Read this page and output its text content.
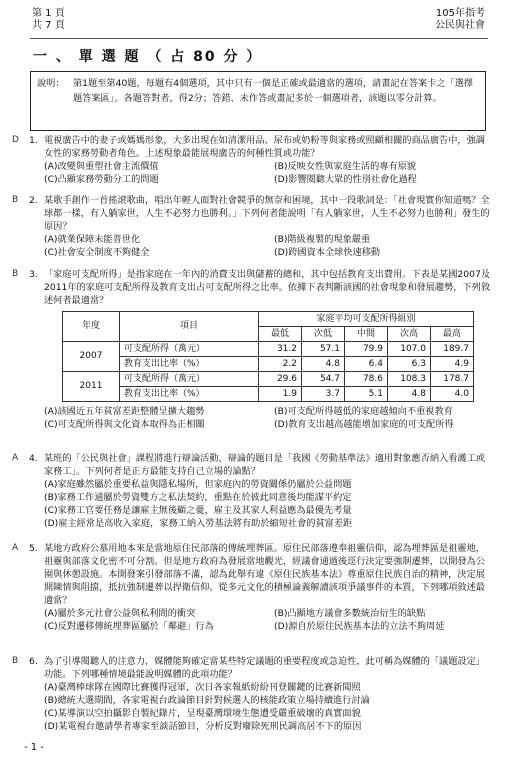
第 1 頁
共 7 頁
105年指考
公民與社會
一 、 單 選 題 （ 占 80 分 ）
說明： 第1題至第40題，每題有4個選項，其中只有一個是正確或最適當的選項，請畫記在答案卡之「選擇題答案區」。各題答對者，得2分；答錯、未作答或畫記多於一個選項者，該題以零分計算。
D 1. 電視廣告中的妻子或媽媽形象，大多出現在如清潔用品、尿布或奶粉等與家務或照顧相關的商品廣告中，強調女性的家務勞動者角色。上述現象最能展現廣告的何種性質或功能？
(A)改變與重塑社會主流價值	(B)反映女性與家庭生活的專有原貌
(C)凸顯家務勞動分工的問題	(D)影響閱聽大眾的性別社會化過程
B 2. 某歌手創作一首搖滾歌曲，唱出年輕人面對社會競爭的無奈和困境，其中一段歌詞是：「社會現實你知道嗎？全球都一樣，有人躺家世，人生不必努力也勝利。」下列何者能說明「有人躺家世，人生不必努力也勝利」發生的原因？
(A)就業保障未能普世化	(B)階級複製的現象嚴重
(C)社會安全制度不夠健全	(D)跨國資本全球快速移動
B 3. 「家庭可支配所得」是指家庭在一年內的消費支出與儲蓄的總和，其中包括教育支出費用。下表是某國2007及2011年的家庭可支配所得及教育支出占可支配所得之比率。依據下表判斷該國的社會現象和發展趨勢，下列敘述何者最適當？
年度	項目	家庭平均可支配所得組別				
		最低	次低	中間	次高	最高
2007	可支配所得（萬元）	31.2	57.1	79.9	107.0	189.7
	教育支出比率（%）	2.2	4.8	6.4	6.3	4.9
2011	可支配所得（萬元）	29.6	54.7	78.6	108.3	178.7
	教育支出比率（%）	1.9	3.7	5.1	4.8	4.0
(A)該國近五年貧富差距整體呈擴大趨勢	(B)可支配所得越低的家庭越傾向不重視教育
(C)可支配所得與文化資本取得為正相關	(D)教育支出越高越能增加家庭的可支配所得
A 4. 某班的「公民與社會」課程將進行辯論活動，辯論的題目是「我國《勞動基準法》適用對象應否納入看護工或家務工」。下列何者是正方最能支持自己立場的論點？
(A)家庭雖然屬於重要私益與隱私場所，但家庭內的勞資關係仍屬於公益問題
(B)家務工作通屬於勞資雙方之私法契約，重點在於彼此同意後均能謀平約定
(C)家務工官要任務是讓雇主無後顧之憂，雇主及其家人利益應為最優先考量
(D)雇主經常是高收入家庭，家務工納入勞基法將有助於縮短社會的貧富差距
A 5. 某地方政府公墓用地本來是當地原住民部落的傳統埋葬區。原住民部落遵奉祖靈信仰，認為埋葬區是祖靈地，祖靈與部落文化密不可分割。但是地方政府為發展當地觀光，經議會通過後逕行決定要強制遷葬，以開發為公園與休憩設施。本開發案引發部落不滿，認為此舉有違《原住民族基本法》尊重原住民族自治的精神，決定展開陳情與阻擋，抵抗強制遷葬以捍衛信仰。從多元文化的積極論義解讀該項爭議事件的本質，下列哪項敘述最適當？
(A)屬於多元社會公益與私利間的衝突	(B)凸顯地方議會多數統治衍生的缺點
(C)反對遷移傳統埋葬區屬於「鄰避」行為	(D)源自於原住民族基本法的立法不夠周延
B 6. 為了引導閱聽人的注意力，媒體能夠確定當某些特定議題的重要程度或急迫性，此可稱為媒體的「議題設定」功能。下列哪種情境最能說明媒體的此項功能？
(A)臺灣棒球隊在國際比賽獲得冠軍，次日各家報紙紛紛刊登關鍵的比賽新聞照
(B)總統大選期間，各家電視台政論節目針對候選人的核能政策立場持續進行討論
(C)某導演以空拍攝影自製紀錄片，呈現臺灣環境生態遭受嚴重破壞的真實面貌
(D)某電視台邀請學者專家至談話節目，分析反對廢除死刑民調高居不下的原因
- 1 -
